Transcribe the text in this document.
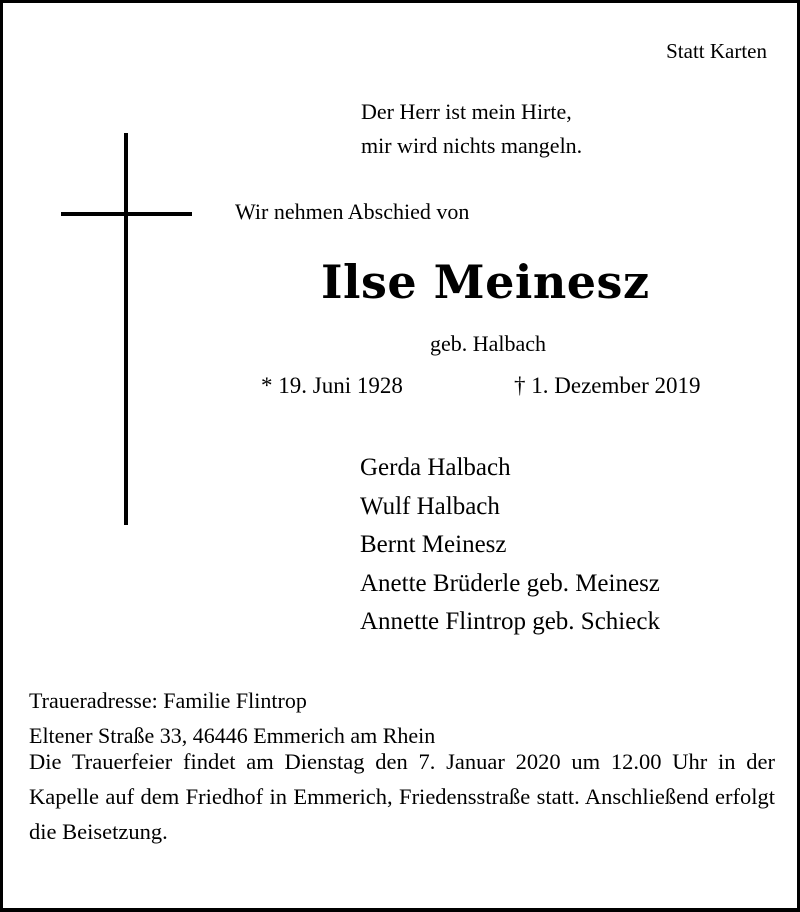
Statt Karten
Der Herr ist mein Hirte,
mir wird nichts mangeln.
Wir nehmen Abschied von
Ilse Meinesz
geb. Halbach
* 19. Juni 1928	† 1. Dezember 2019
Gerda Halbach
Wulf Halbach
Bernt Meinesz
Anette Brüderle geb. Meinesz
Annette Flintrop geb. Schieck
Traueradresse: Familie Flintrop
Eltener Straße 33, 46446 Emmerich am Rhein
Die Trauerfeier findet am Dienstag den 7. Januar 2020 um 12.00 Uhr in der Kapelle auf dem Friedhof in Emmerich, Friedensstraße statt. Anschließend erfolgt die Beisetzung.
